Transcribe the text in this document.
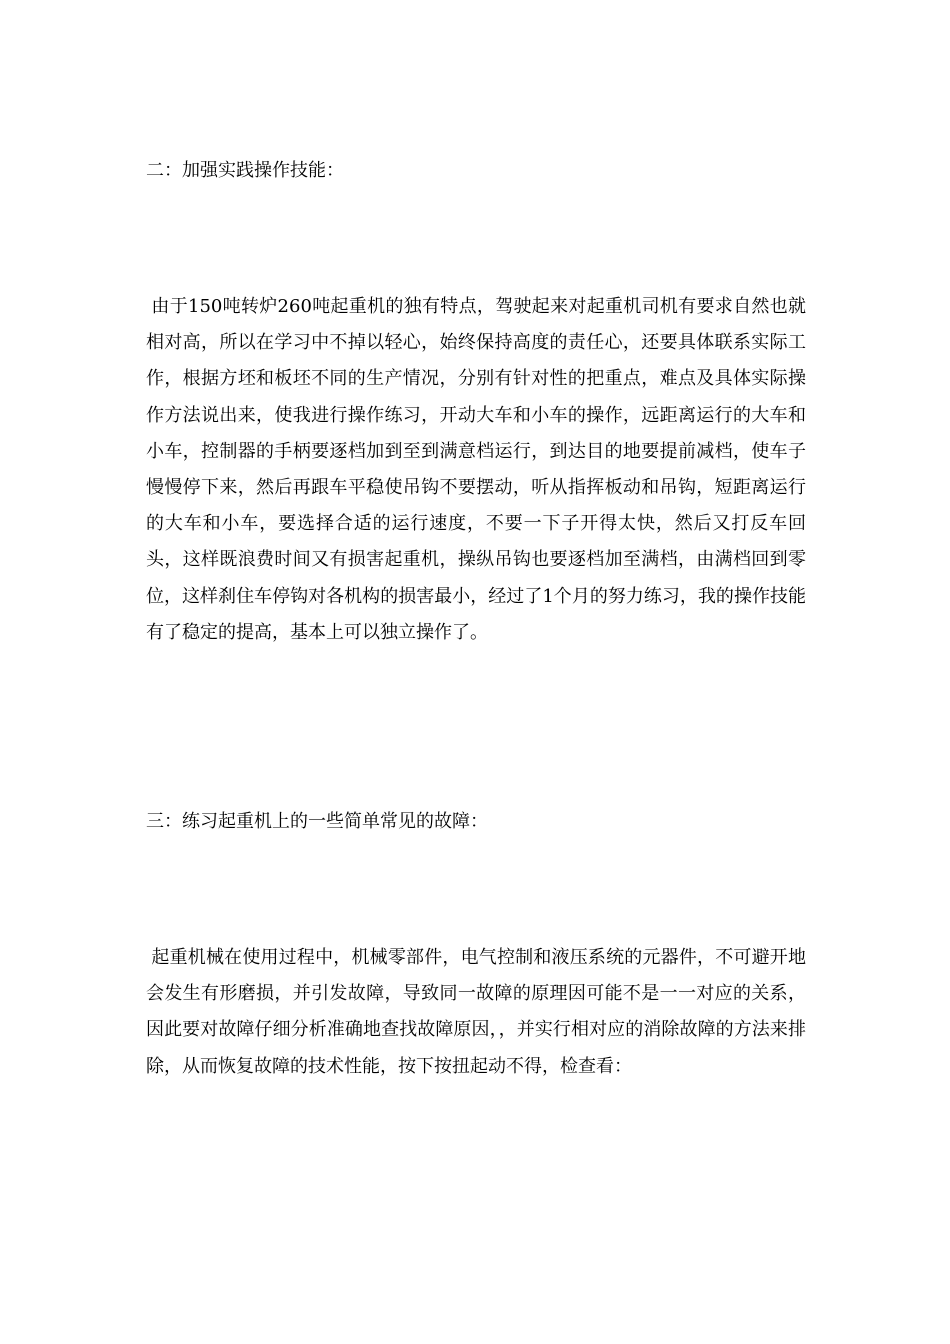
二：加强实践操作技能：
由于150吨转炉260吨起重机的独有特点，驾驶起来对起重机司机有要求自然也就相对高，所以在学习中不掉以轻心，始终保持高度的责任心，还要具体联系实际工作，根据方坯和板坯不同的生产情况，分别有针对性的把重点，难点及具体实际操作方法说出来，使我进行操作练习，开动大车和小车的操作，远距离运行的大车和小车，控制器的手柄要逐档加到至到满意档运行，到达目的地要提前减档，使车子慢慢停下来，然后再跟车平稳使吊钩不要摆动，听从指挥板动和吊钩，短距离运行的大车和小车，要选择合适的运行速度，不要一下子开得太快，然后又打反车回头，这样既浪费时间又有损害起重机，操纵吊钩也要逐档加至满档，由满档回到零位，这样刹住车停钩对各机构的损害最小，经过了1个月的努力练习，我的操作技能有了稳定的提高，基本上可以独立操作了。
三：练习起重机上的一些简单常见的故障：
起重机械在使用过程中，机械零部件，电气控制和液压系统的元器件，不可避开地会发生有形磨损，并引发故障，导致同一故障的原理因可能不是一一对应的关系，因此要对故障仔细分析准确地查找故障原因，，并实行相对应的消除故障的方法来排除，从而恢复故障的技术性能，按下按扭起动不得，检查看：
